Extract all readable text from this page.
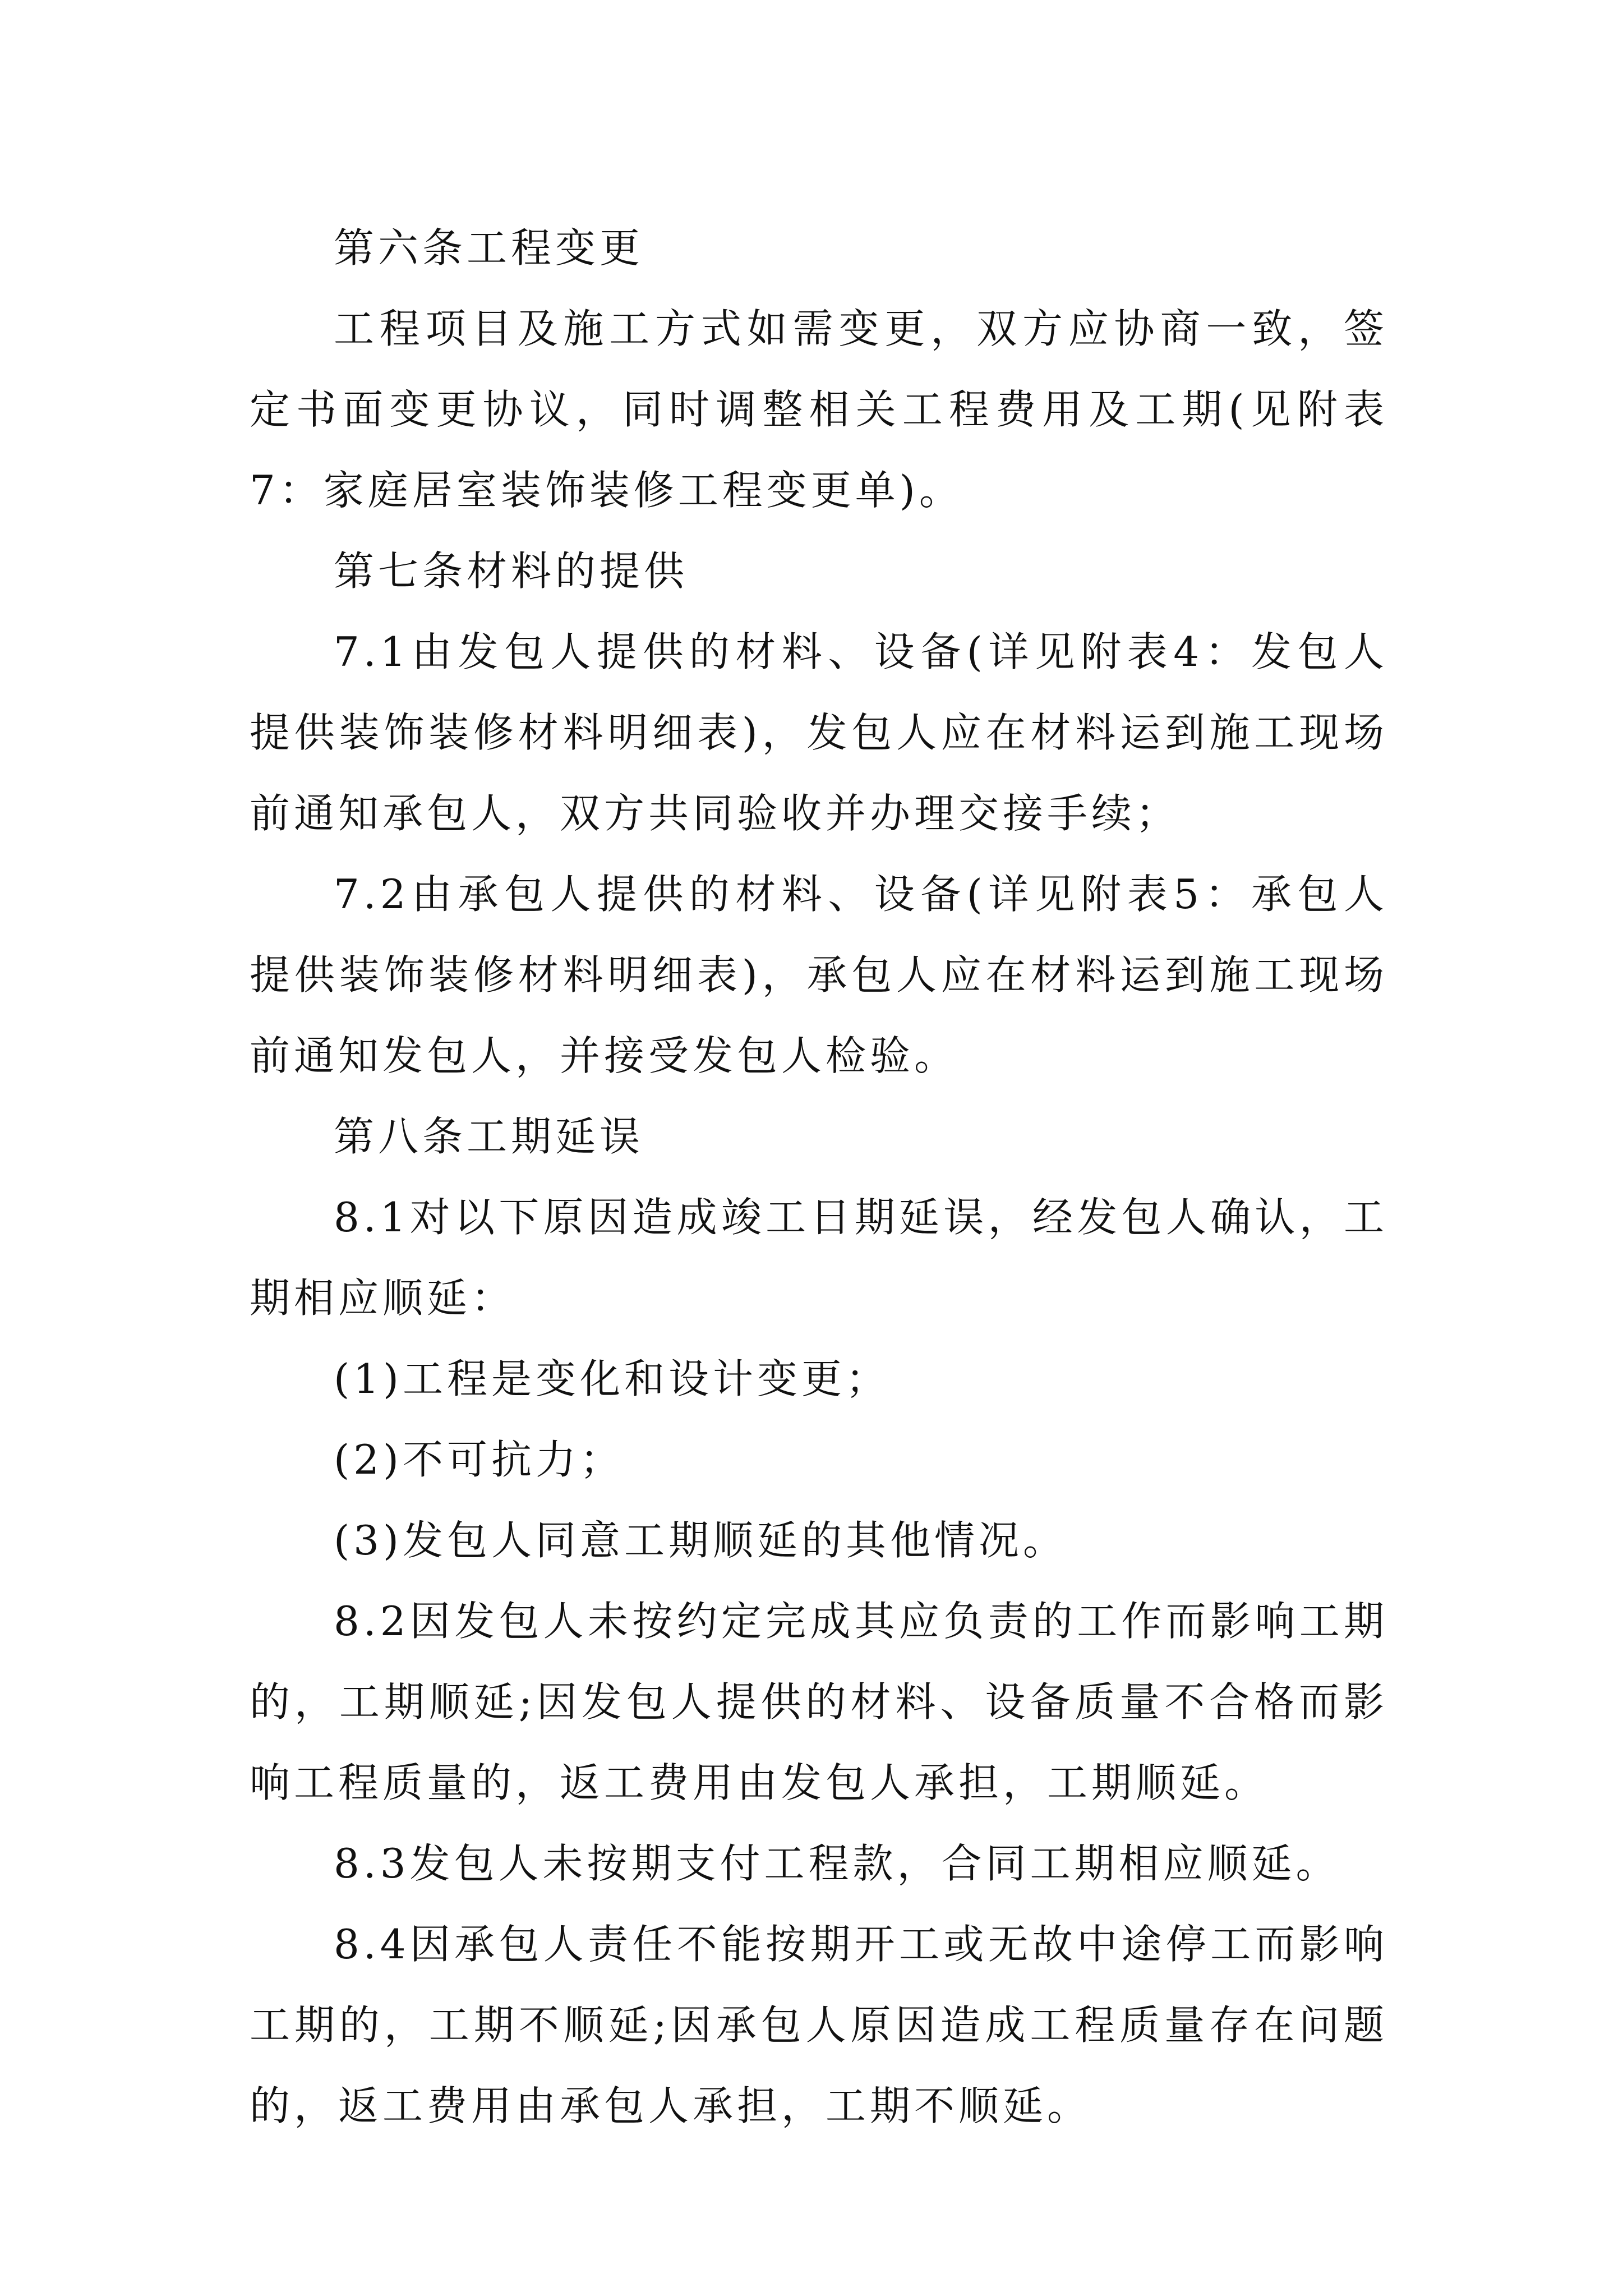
第六条工程变更

工程项目及施工方式如需变更，双方应协商一致，签定书面变更协议，同时调整相关工程费用及工期(见附表7：家庭居室装饰装修工程变更单)。

第七条材料的提供

7.1由发包人提供的材料、设备(详见附表4：发包人提供装饰装修材料明细表)，发包人应在材料运到施工现场前通知承包人，双方共同验收并办理交接手续；

7.2由承包人提供的材料、设备(详见附表5：承包人提供装饰装修材料明细表)，承包人应在材料运到施工现场前通知发包人，并接受发包人检验。

第八条工期延误

8.1对以下原因造成竣工日期延误，经发包人确认，工期相应顺延：

(1)工程是变化和设计变更；

(2)不可抗力；

(3)发包人同意工期顺延的其他情况。

8.2因发包人未按约定完成其应负责的工作而影响工期的，工期顺延;因发包人提供的材料、设备质量不合格而影响工程质量的，返工费用由发包人承担，工期顺延。

8.3发包人未按期支付工程款，合同工期相应顺延。

8.4因承包人责任不能按期开工或无故中途停工而影响工期的，工期不顺延;因承包人原因造成工程质量存在问题的，返工费用由承包人承担，工期不顺延。
